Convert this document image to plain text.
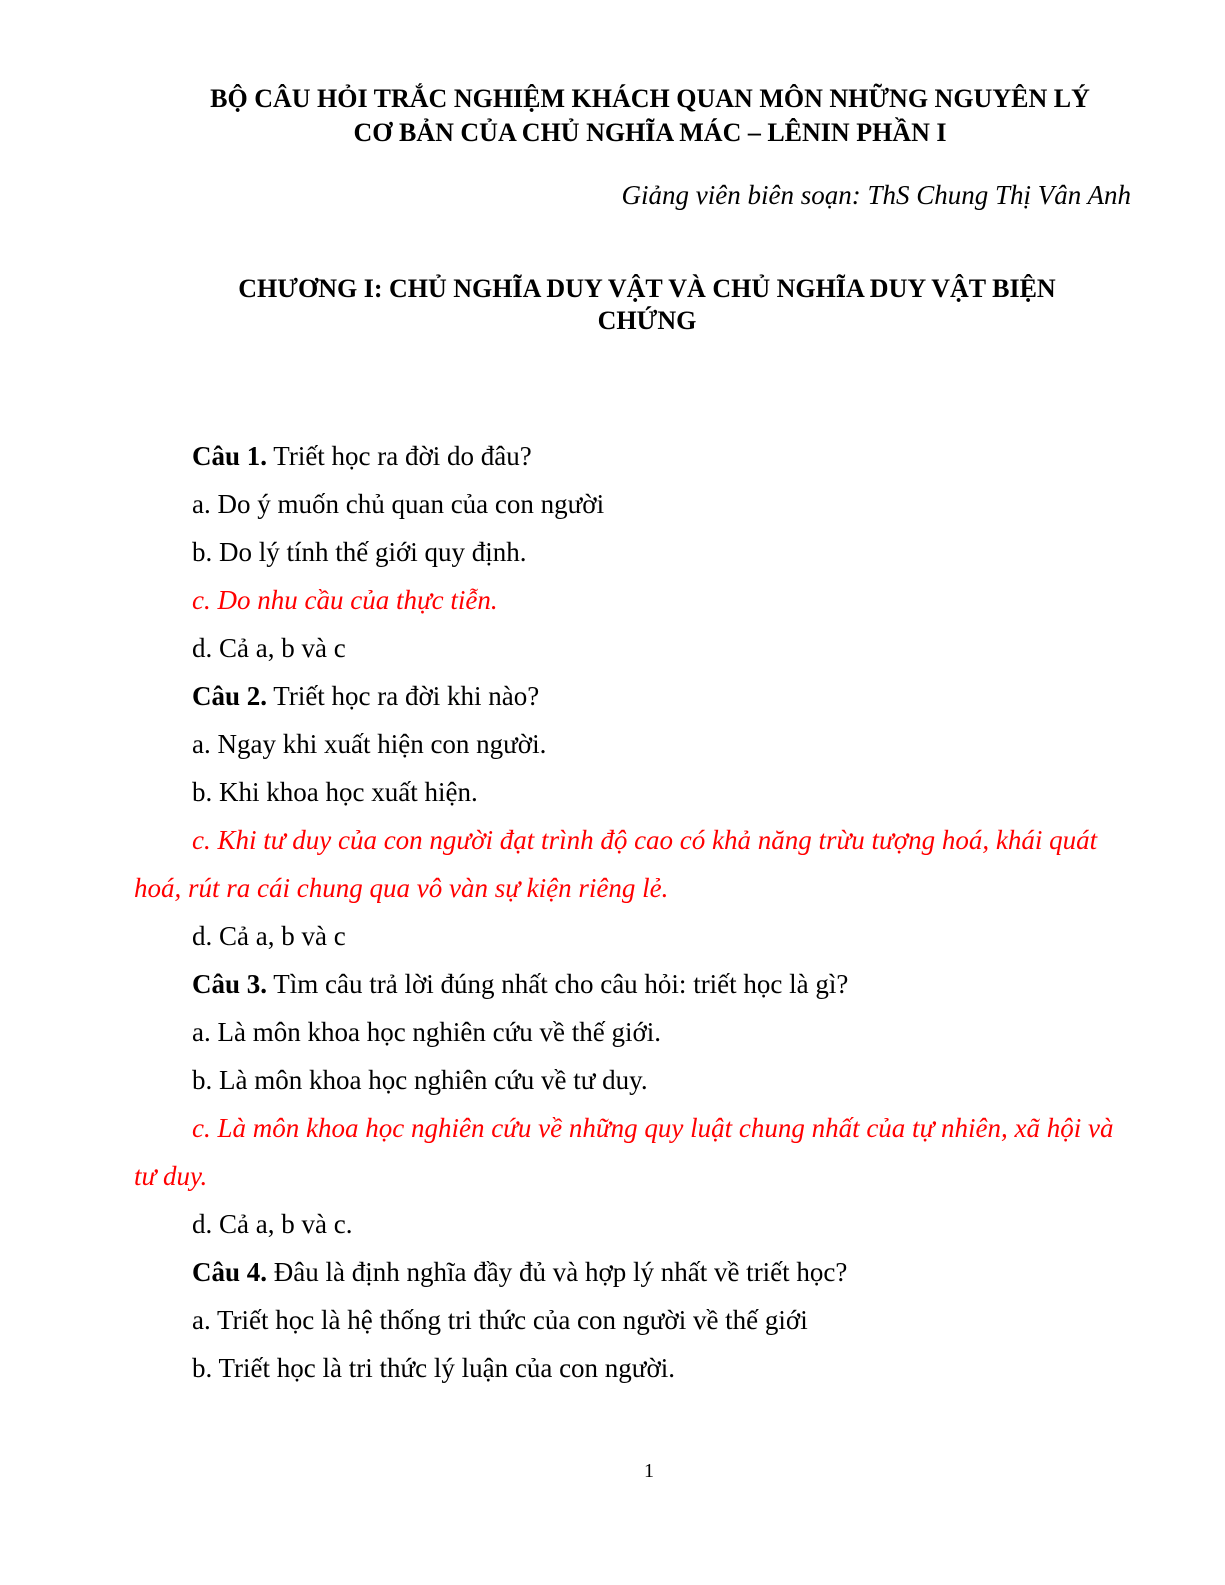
BỘ CÂU HỎI TRẮC NGHIỆM KHÁCH QUAN MÔN NHỮNG NGUYÊN LÝ
CƠ BẢN CỦA CHỦ NGHĨA MÁC – LÊNIN PHẦN I
Giảng viên biên soạn: ThS Chung Thị Vân Anh
CHƯƠNG I: CHỦ NGHĨA DUY VẬT VÀ CHỦ NGHĨA DUY VẬT BIỆN
CHỨNG

Câu 1. Triết học ra đời do đâu?

a. Do ý muốn chủ quan của con người

b. Do lý tính thế giới quy định.

c. Do nhu cầu của thực tiễn.

d. Cả a, b và c

Câu 2. Triết học ra đời khi nào?

a. Ngay khi xuất hiện con người.

b. Khi khoa học xuất hiện.

c. Khi tư duy của con người đạt trình độ cao có khả năng trừu tượng hoá, khái quát hoá, rút ra cái chung qua vô vàn sự kiện riêng lẻ.

d. Cả a, b và c

Câu 3. Tìm câu trả lời đúng nhất cho câu hỏi: triết học là gì?

a. Là môn khoa học nghiên cứu về thế giới.

b. Là môn khoa học nghiên cứu về tư duy.

c. Là môn khoa học nghiên cứu về những quy luật chung nhất của tự nhiên, xã hội và tư duy.

d. Cả a, b và c.

Câu 4. Đâu là định nghĩa đầy đủ và hợp lý nhất về triết học?

a. Triết học là hệ thống tri thức của con người về thế giới

b. Triết học là tri thức lý luận của con người.

1
